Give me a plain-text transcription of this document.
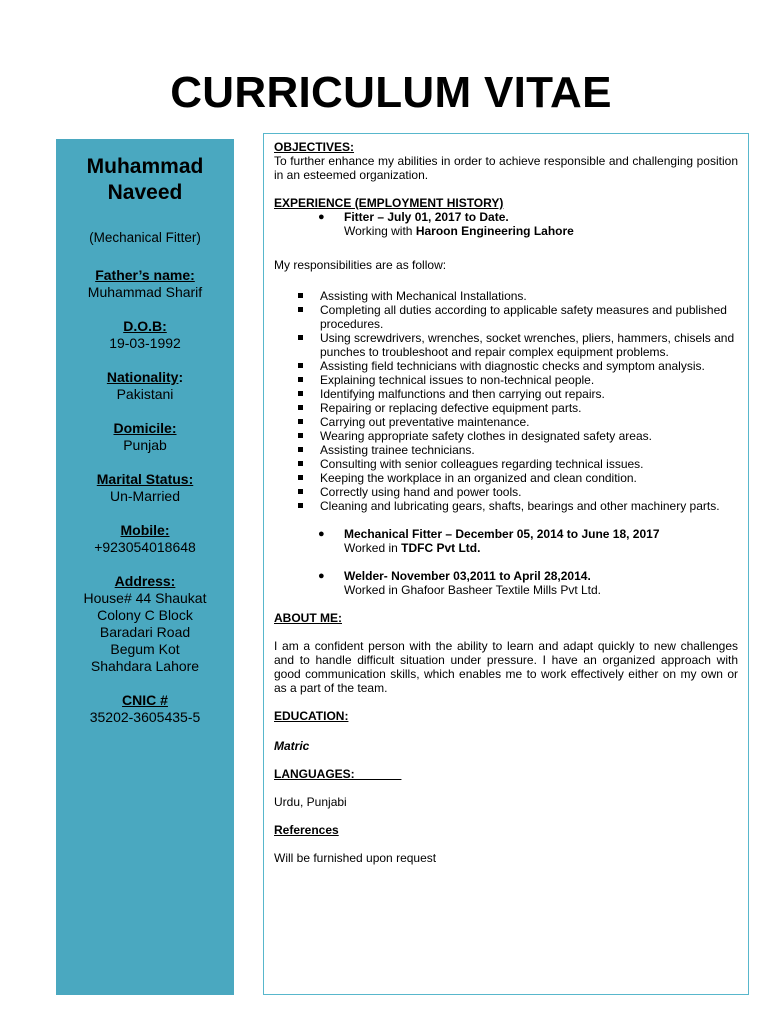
CURRICULUM VITAE
Muhammad
Naveed
(Mechanical Fitter)
Father’s name:
Muhammad Sharif
D.O.B:
19-03-1992
Nationality:
Pakistani
Domicile:
Punjab
Marital Status:
Un-Married
Mobile:
+923054018648
Address:
House# 44 Shaukat
Colony C Block
Baradari Road
Begum Kot
Shahdara Lahore
CNIC #
35202-3605435-5
OBJECTIVES:
To further enhance my abilities in order to achieve responsible and challenging position in an esteemed organization.
EXPERIENCE (EMPLOYMENT HISTORY)
● Fitter – July 01, 2017 to Date.
Working with Haroon Engineering Lahore
My responsibilities are as follow:
Assisting with Mechanical Installations.
Completing all duties according to applicable safety measures and published procedures.
Using screwdrivers, wrenches, socket wrenches, pliers, hammers, chisels and punches to troubleshoot and repair complex equipment problems.
Assisting field technicians with diagnostic checks and symptom analysis.
Explaining technical issues to non-technical people.
Identifying malfunctions and then carrying out repairs.
Repairing or replacing defective equipment parts.
Carrying out preventative maintenance.
Wearing appropriate safety clothes in designated safety areas.
Assisting trainee technicians.
Consulting with senior colleagues regarding technical issues.
Keeping the workplace in an organized and clean condition.
Correctly using hand and power tools.
Cleaning and lubricating gears, shafts, bearings and other machinery parts.
● Mechanical Fitter – December 05, 2014 to June 18, 2017
Worked in TDFC Pvt Ltd.
● Welder- November 03,2011 to April 28,2014.
Worked in Ghafoor Basheer Textile Mills Pvt Ltd.
ABOUT ME:
I am a confident person with the ability to learn and adapt quickly to new challenges and to handle difficult situation under pressure. I have an organized approach with good communication skills, which enables me to work effectively either on my own or as a part of the team.
EDUCATION:
Matric
LANGUAGES:_______
Urdu, Punjabi
References
Will be furnished upon request
